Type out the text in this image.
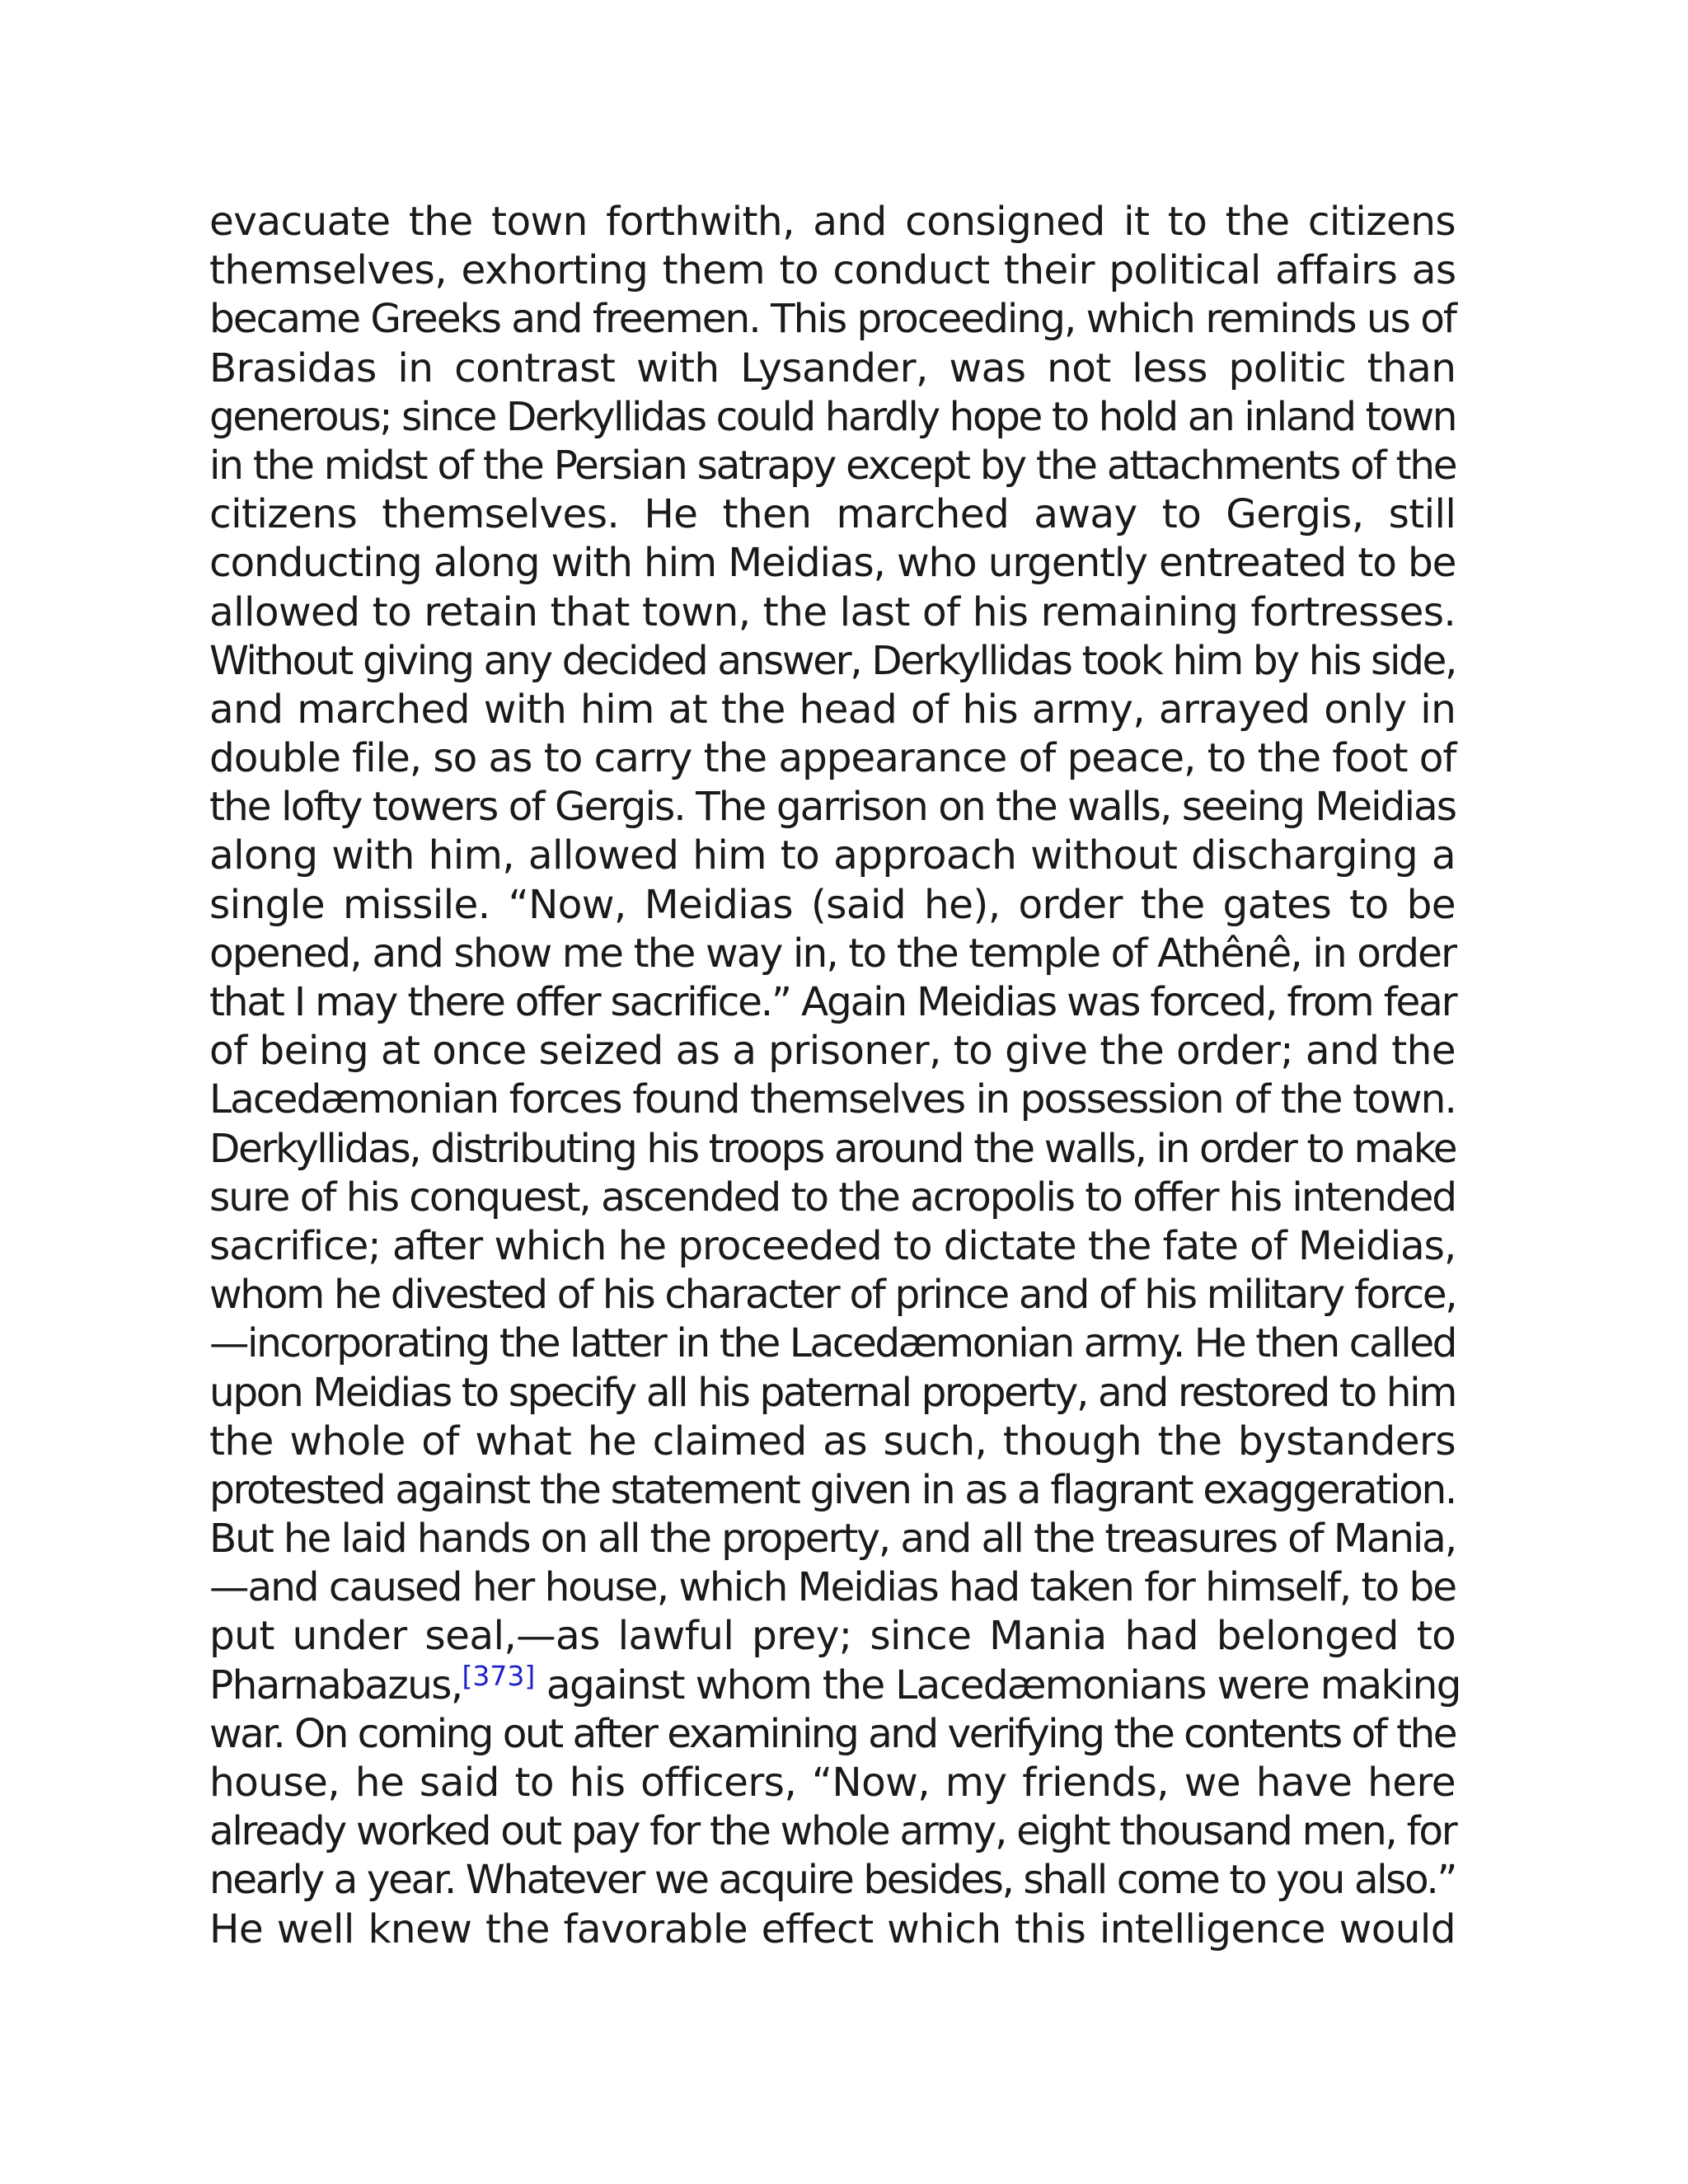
evacuate the town forthwith, and consigned it to the citizens
themselves, exhorting them to conduct their political affairs as
became Greeks and freemen. This proceeding, which reminds us of
Brasidas in contrast with Lysander, was not less politic than
generous; since Derkyllidas could hardly hope to hold an inland town
in the midst of the Persian satrapy except by the attachments of the
citizens themselves. He then marched away to Gergis, still
conducting along with him Meidias, who urgently entreated to be
allowed to retain that town, the last of his remaining fortresses.
Without giving any decided answer, Derkyllidas took him by his side,
and marched with him at the head of his army, arrayed only in
double file, so as to carry the appearance of peace, to the foot of
the lofty towers of Gergis. The garrison on the walls, seeing Meidias
along with him, allowed him to approach without discharging a
single missile. “Now, Meidias (said he), order the gates to be
opened, and show me the way in, to the temple of Athênê, in order
that I may there offer sacrifice.” Again Meidias was forced, from fear
of being at once seized as a prisoner, to give the order; and the
Lacedæmonian forces found themselves in possession of the town.
Derkyllidas, distributing his troops around the walls, in order to make
sure of his conquest, ascended to the acropolis to offer his intended
sacrifice; after which he proceeded to dictate the fate of Meidias,
whom he divested of his character of prince and of his military force,
—incorporating the latter in the Lacedæmonian army. He then called
upon Meidias to specify all his paternal property, and restored to him
the whole of what he claimed as such, though the bystanders
protested against the statement given in as a flagrant exaggeration.
But he laid hands on all the property, and all the treasures of Mania,
—and caused her house, which Meidias had taken for himself, to be
put under seal,—as lawful prey; since Mania had belonged to
Pharnabazus,[373] against whom the Lacedæmonians were making
war. On coming out after examining and verifying the contents of the
house, he said to his officers, “Now, my friends, we have here
already worked out pay for the whole army, eight thousand men, for
nearly a year. Whatever we acquire besides, shall come to you also.”
He well knew the favorable effect which this intelligence would
